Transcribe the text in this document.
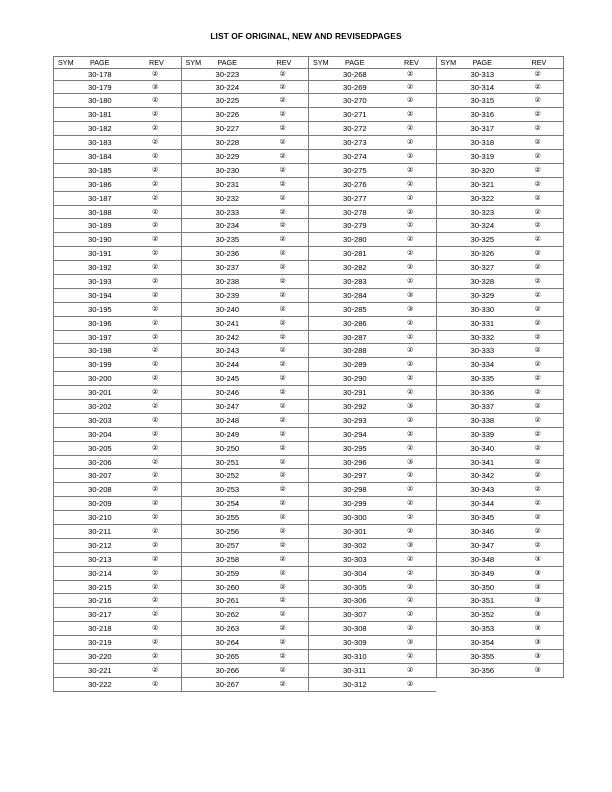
LIST OF ORIGINAL, NEW AND REVISEDPAGES
SYM	PAGE	REV
30-178	②
30-179	③
30-180	②
30-181	②
30-182	②
30-183	②
30-184	②
30-185	②
30-186	②
30-187	②
30-188	②
30-189	②
30-190	②
30-191	②
30-192	②
30-193	②
30-194	②
30-195	②
30-196	②
30-197	②
30-198	②
30-199	②
30-200	②
30-201	②
30-202	②
30-203	②
30-204	②
30-205	②
30-206	②
30-207	②
30-208	②
30-209	②
30-210	②
30-211	②
30-212	②
30-213	②
30-214	②
30-215	②
30-216	②
30-217	②
30-218	②
30-219	②
30-220	②
30-221	②
30-222	②
SYM	PAGE	REV
30-223	②
30-224	②
30-225	②
30-226	②
30-227	②
30-228	②
30-229	②
30-230	②
30-231	②
30-232	②
30-233	②
30-234	②
30-235	②
30-236	②
30-237	②
30-238	②
30-239	②
30-240	②
30-241	②
30-242	②
30-243	②
30-244	②
30-245	②
30-246	②
30-247	②
30-248	②
30-249	②
30-250	②
30-251	②
30-252	②
30-253	②
30-254	②
30-255	②
30-256	②
30-257	②
30-258	②
30-259	②
30-260	②
30-261	②
30-262	②
30-263	②
30-264	②
30-265	②
30-266	②
30-267	②
SYM	PAGE	REV
30-268	②
30-269	②
30-270	②
30-271	②
30-272	②
30-273	②
30-274	②
30-275	②
30-276	②
30-277	②
30-278	②
30-279	②
30-280	②
30-281	②
30-282	②
30-283	②
30-284	③
30-285	③
30-286	②
30-287	②
30-288	②
30-289	②
30-290	②
30-291	②
30-292	③
30-293	②
30-294	②
30-295	②
30-296	③
30-297	②
30-298	②
30-299	②
30-300	②
30-301	②
30-302	③
30-303	②
30-304	②
30-305	②
30-306	②
30-307	②
30-308	②
30-309	③
30-310	②
30-311	②
30-312	②
SYM	PAGE	REV
30-313	②
30-314	②
30-315	②
30-316	②
30-317	②
30-318	②
30-319	②
30-320	②
30-321	②
30-322	②
30-323	②
30-324	②
30-325	②
30-326	②
30-327	②
30-328	②
30-329	②
30-330	②
30-331	②
30-332	②
30-333	②
30-334	②
30-335	②
30-336	②
30-337	②
30-338	②
30-339	②
30-340	②
30-341	②
30-342	②
30-343	②
30-344	②
30-345	②
30-346	②
30-347	②
30-348	③
30-349	③
30-350	③
30-351	③
30-352	③
30-353	③
30-354	③
30-355	③
30-356	③
